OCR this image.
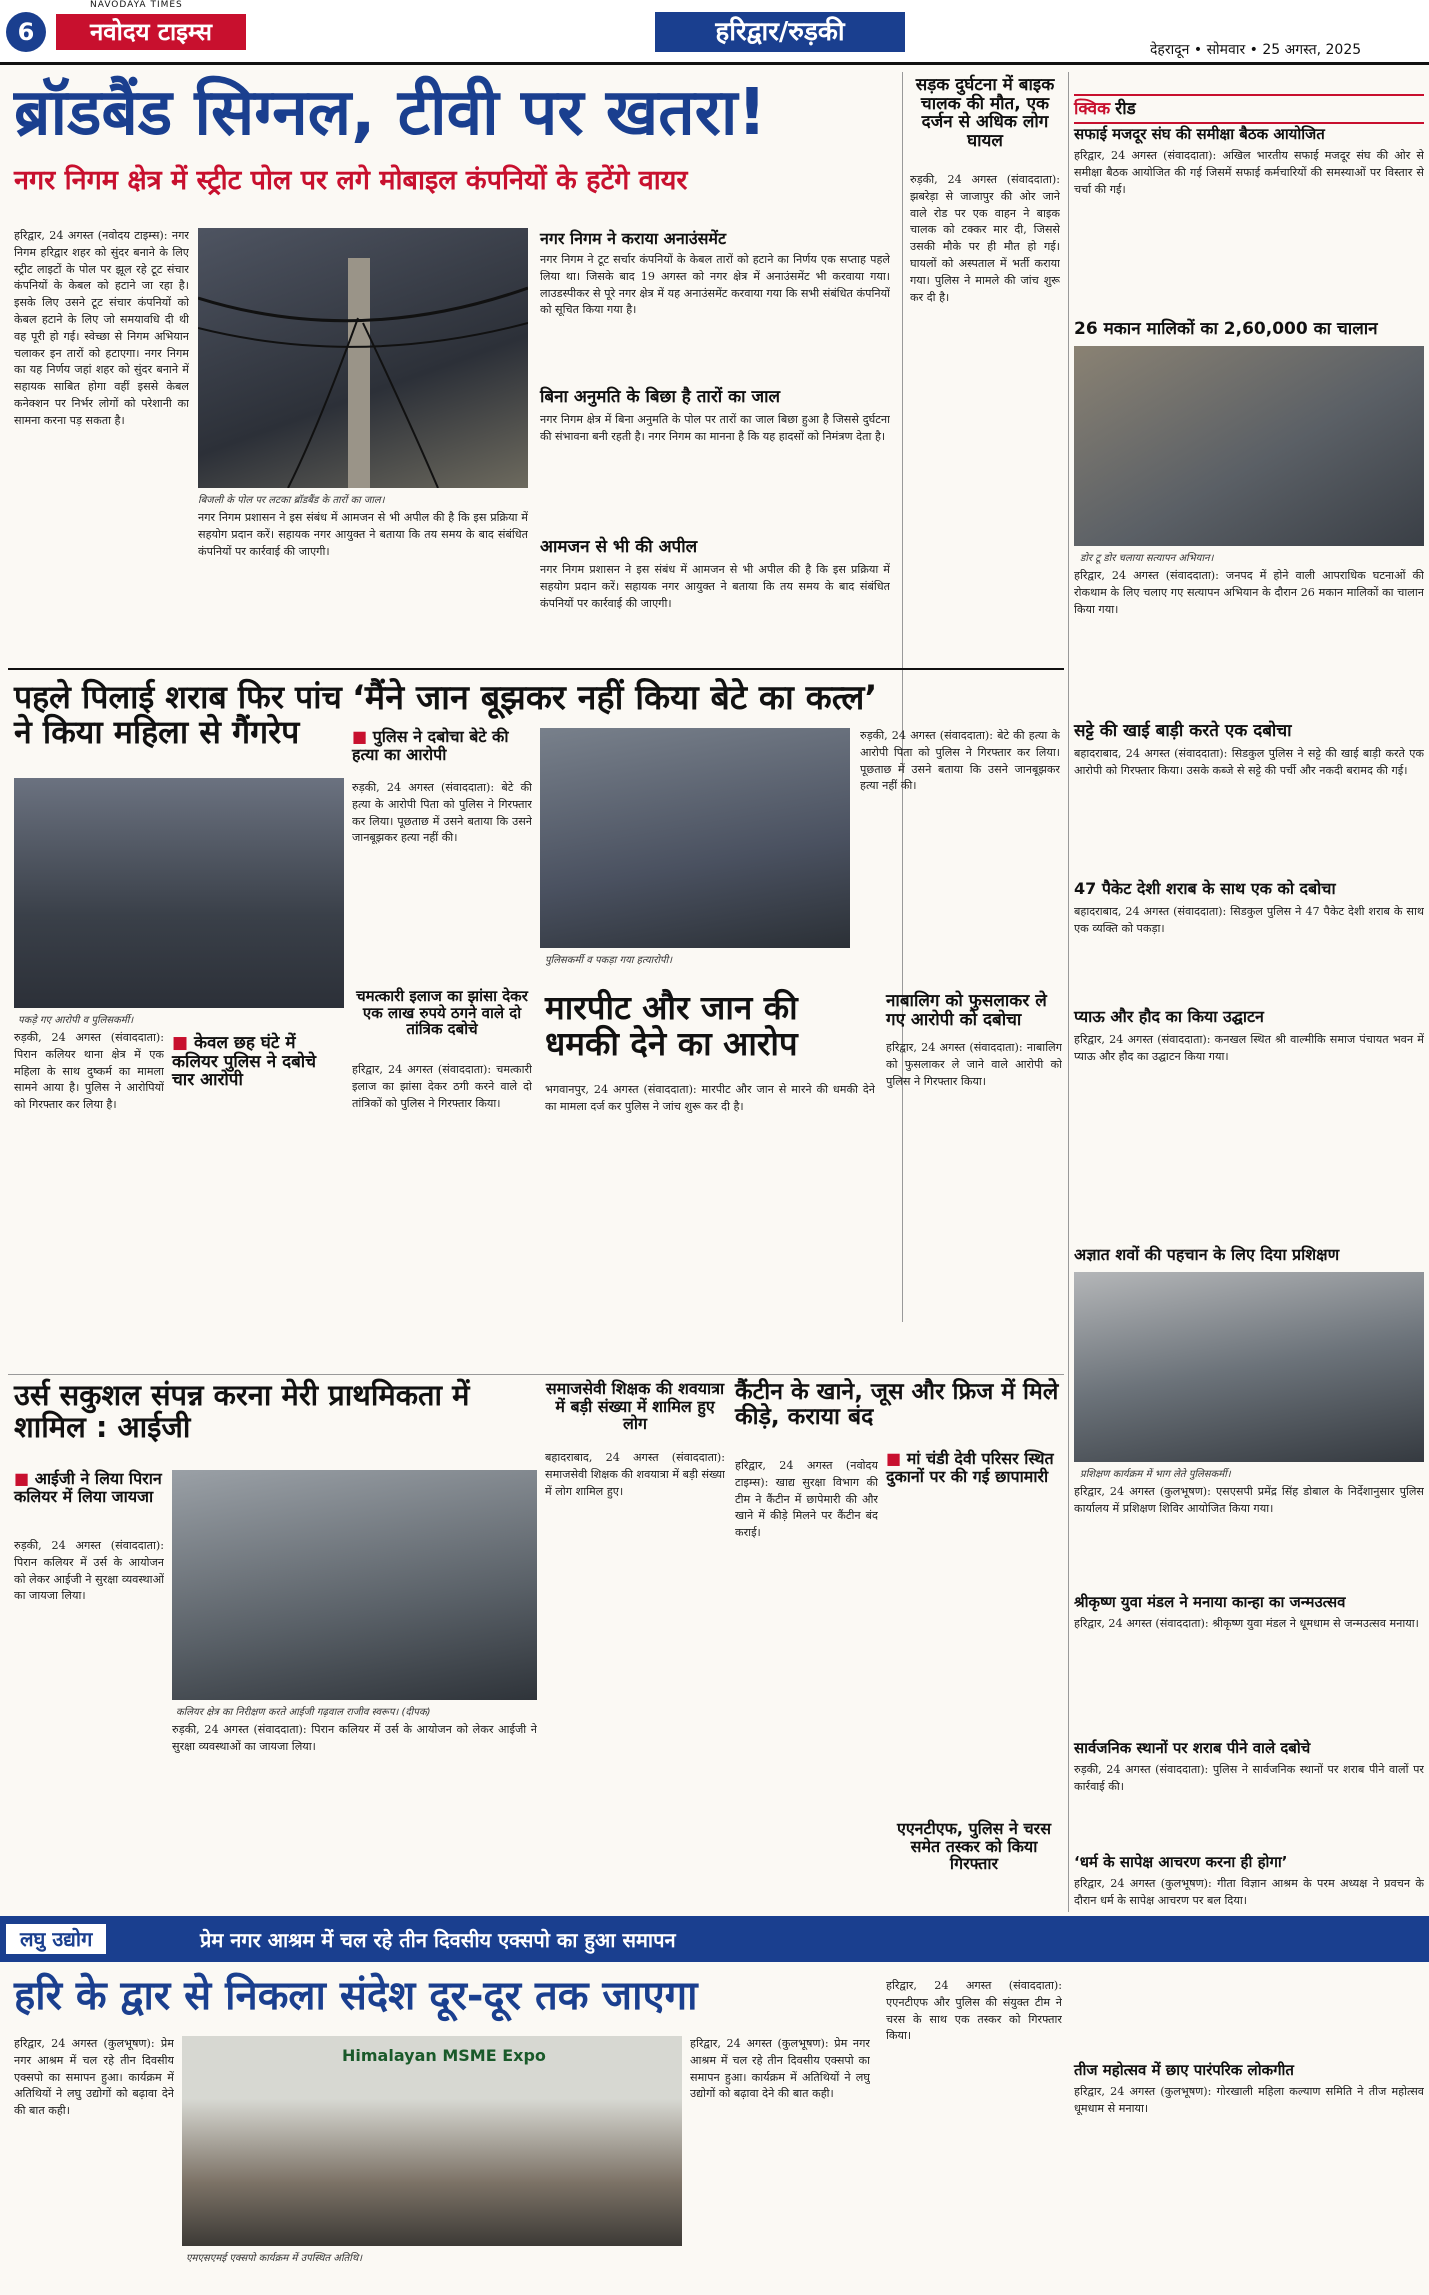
6
NAVODAYA TIMES
नवोदय टाइम्स	हरिद्वार/रुड़की
देहरादून • सोमवार • 25 अगस्त, 2025
ब्रॉडबैंड सिग्नल, टीवी पर खतरा!
नगर निगम क्षेत्र में स्ट्रीट पोल पर लगे मोबाइल कंपनियों के हटेंगे वायर
हरिद्वार, 24 अगस्त (नवोदय टाइम्स): नगर निगम हरिद्वार शहर को सुंदर बनाने के लिए स्ट्रीट लाइटों के पोल पर झूल रहे टूट संचार कंपनियों के केबल को हटाने जा रहा है। इसके लिए उसने टूट संचार कंपनियों को केबल हटाने के लिए जो समयावधि दी थी वह पूरी हो गई। स्वेच्छा से निगम अभियान चलाकर इन तारों को हटाएगा। नगर निगम का यह निर्णय जहां शहर को सुंदर बनाने में सहायक साबित होगा वहीं इससे केबल कनेक्शन पर निर्भर लोगों को परेशानी का सामना करना पड़ सकता है।
बिजली के पोल पर लटका ब्रॉडबैंड के तारों का जाल।
नगर निगम प्रशासन ने इस संबंध में आमजन से भी अपील की है कि इस प्रक्रिया में सहयोग प्रदान करें। सहायक नगर आयुक्त ने बताया कि तय समय के बाद संबंधित कंपनियों पर कार्रवाई की जाएगी।
नगर निगम ने कराया अनाउंसमेंट
नगर निगम ने टूट सर्चार कंपनियों के केबल तारों को हटाने का निर्णय एक सप्ताह पहले लिया था। जिसके बाद 19 अगस्त को नगर क्षेत्र में अनाउंसमेंट भी करवाया गया। लाउडस्पीकर से पूरे नगर क्षेत्र में यह अनाउंसमेंट करवाया गया कि सभी संबंधित कंपनियों को सूचित किया गया है।
बिना अनुमति के बिछा है तारों का जाल
नगर निगम क्षेत्र में बिना अनुमति के पोल पर तारों का जाल बिछा हुआ है जिससे दुर्घटना की संभावना बनी रहती है। नगर निगम का मानना है कि यह हादसों को निमंत्रण देता है।
आमजन से भी की अपील
नगर निगम प्रशासन ने इस संबंध में आमजन से भी अपील की है कि इस प्रक्रिया में सहयोग प्रदान करें। सहायक नगर आयुक्त ने बताया कि तय समय के बाद संबंधित कंपनियों पर कार्रवाई की जाएगी।
सड़क दुर्घटना में बाइक चालक की मौत, एक दर्जन से अधिक लोग घायल
रुड़की, 24 अगस्त (संवाददाता): झबरेड़ा से जाजापुर की ओर जाने वाले रोड पर एक वाहन ने बाइक चालक को टक्कर मार दी, जिससे उसकी मौके पर ही मौत हो गई। घायलों को अस्पताल में भर्ती कराया गया। पुलिस ने मामले की जांच शुरू कर दी है।
क्विक रीड
सफाई मजदूर संघ की समीक्षा बैठक आयोजित
हरिद्वार, 24 अगस्त (संवाददाता): अखिल भारतीय सफाई मजदूर संघ की ओर से समीक्षा बैठक आयोजित की गई जिसमें सफाई कर्मचारियों की समस्याओं पर विस्तार से चर्चा की गई।
26 मकान मालिकों का 2,60,000 का चालान
डोर टू डोर चलाया सत्यापन अभियान।
हरिद्वार, 24 अगस्त (संवाददाता): जनपद में होने वाली आपराधिक घटनाओं की रोकथाम के लिए चलाए गए सत्यापन अभियान के दौरान 26 मकान मालिकों का चालान किया गया।
सट्टे की खाई बाड़ी करते एक दबोचा
बहादराबाद, 24 अगस्त (संवाददाता): सिडकुल पुलिस ने सट्टे की खाई बाड़ी करते एक आरोपी को गिरफ्तार किया। उसके कब्जे से सट्टे की पर्ची और नकदी बरामद की गई।
47 पैकेट देशी शराब के साथ एक को दबोचा
बहादराबाद, 24 अगस्त (संवाददाता): सिडकुल पुलिस ने 47 पैकेट देशी शराब के साथ एक व्यक्ति को पकड़ा।
प्याऊ और हौद का किया उद्घाटन
हरिद्वार, 24 अगस्त (संवाददाता): कनखल स्थित श्री वाल्मीकि समाज पंचायत भवन में प्याऊ और हौद का उद्घाटन किया गया।
अज्ञात शवों की पहचान के लिए दिया प्रशिक्षण
प्रशिक्षण कार्यक्रम में भाग लेते पुलिसकर्मी।
हरिद्वार, 24 अगस्त (कुलभूषण): एसएसपी प्रमेंद्र सिंह डोबाल के निर्देशानुसार पुलिस कार्यालय में प्रशिक्षण शिविर आयोजित किया गया।
श्रीकृष्ण युवा मंडल ने मनाया कान्हा का जन्मउत्सव
हरिद्वार, 24 अगस्त (संवाददाता): श्रीकृष्ण युवा मंडल ने धूमधाम से जन्मउत्सव मनाया।
सार्वजनिक स्थानों पर शराब पीने वाले दबोचे
रुड़की, 24 अगस्त (संवाददाता): पुलिस ने सार्वजनिक स्थानों पर शराब पीने वालों पर कार्रवाई की।
‘धर्म के सापेक्ष आचरण करना ही होगा’
हरिद्वार, 24 अगस्त (कुलभूषण): गीता विज्ञान आश्रम के परम अध्यक्ष ने प्रवचन के दौरान धर्म के सापेक्ष आचरण पर बल दिया।
तीज महोत्सव में छाए पारंपरिक लोकगीत
हरिद्वार, 24 अगस्त (कुलभूषण): गोरखाली महिला कल्याण समिति ने तीज महोत्सव धूमधाम से मनाया।
पहले पिलाई शराब फिर पांच ने किया महिला से गैंगरेप
पकड़े गए आरोपी व पुलिसकर्मी।
रुड़की, 24 अगस्त (संवाददाता): पिरान कलियर थाना क्षेत्र में एक महिला के साथ दुष्कर्म का मामला सामने आया है। पुलिस ने आरोपियों को गिरफ्तार कर लिया है।
■ केवल छह घंटे में कलियर पुलिस ने दबोचे चार आरोपी
‘मैंने जान बूझकर नहीं किया बेटे का कत्ल’
■ पुलिस ने दबोचा बेटे की हत्या का आरोपी
रुड़की, 24 अगस्त (संवाददाता): बेटे की हत्या के आरोपी पिता को पुलिस ने गिरफ्तार कर लिया। पूछताछ में उसने बताया कि उसने जानबूझकर हत्या नहीं की।
पुलिसकर्मी व पकड़ा गया हत्यारोपी।
रुड़की, 24 अगस्त (संवाददाता): बेटे की हत्या के आरोपी पिता को पुलिस ने गिरफ्तार कर लिया। पूछताछ में उसने बताया कि उसने जानबूझकर हत्या नहीं की।
चमत्कारी इलाज का झांसा देकर एक लाख रुपये ठगने वाले दो तांत्रिक दबोचे
हरिद्वार, 24 अगस्त (संवाददाता): चमत्कारी इलाज का झांसा देकर ठगी करने वाले दो तांत्रिकों को पुलिस ने गिरफ्तार किया।
मारपीट और जान की धमकी देने का आरोप
भगवानपुर, 24 अगस्त (संवाददाता): मारपीट और जान से मारने की धमकी देने का मामला दर्ज कर पुलिस ने जांच शुरू कर दी है।
नाबालिग को फुसलाकर ले गए आरोपी को दबोचा
हरिद्वार, 24 अगस्त (संवाददाता): नाबालिग को फुसलाकर ले जाने वाले आरोपी को पुलिस ने गिरफ्तार किया।
उर्स सकुशल संपन्न करना मेरी प्राथमिकता में शामिल : आईजी
■ आईजी ने लिया पिरान कलियर में लिया जायजा
रुड़की, 24 अगस्त (संवाददाता): पिरान कलियर में उर्स के आयोजन को लेकर आईजी ने सुरक्षा व्यवस्थाओं का जायजा लिया।
कलियर क्षेत्र का निरीक्षण करते आईजी गढ़वाल राजीव स्वरूप। (दीपक)
रुड़की, 24 अगस्त (संवाददाता): पिरान कलियर में उर्स के आयोजन को लेकर आईजी ने सुरक्षा व्यवस्थाओं का जायजा लिया।
समाजसेवी शिक्षक की शवयात्रा में बड़ी संख्या में शामिल हुए लोग
बहादराबाद, 24 अगस्त (संवाददाता): समाजसेवी शिक्षक की शवयात्रा में बड़ी संख्या में लोग शामिल हुए।
कैंटीन के खाने, जूस और फ्रिज में मिले कीड़े, कराया बंद
■ मां चंडी देवी परिसर स्थित दुकानों पर की गई छापामारी
हरिद्वार, 24 अगस्त (नवोदय टाइम्स): खाद्य सुरक्षा विभाग की टीम ने कैंटीन में छापेमारी की और खाने में कीड़े मिलने पर कैंटीन बंद कराई।
लघु उद्योग	प्रेम नगर आश्रम में चल रहे तीन दिवसीय एक्सपो का हुआ समापन
हरि के द्वार से निकला संदेश दूर-दूर तक जाएगा
हरिद्वार, 24 अगस्त (कुलभूषण): प्रेम नगर आश्रम में चल रहे तीन दिवसीय एक्सपो का समापन हुआ। कार्यक्रम में अतिथियों ने लघु उद्योगों को बढ़ावा देने की बात कही।
Himalayan MSME Expo
एमएसएमई एक्सपो कार्यक्रम में उपस्थित अतिथि।
हरिद्वार, 24 अगस्त (कुलभूषण): प्रेम नगर आश्रम में चल रहे तीन दिवसीय एक्सपो का समापन हुआ। कार्यक्रम में अतिथियों ने लघु उद्योगों को बढ़ावा देने की बात कही।
एएनटीएफ, पुलिस ने चरस समेत तस्कर को किया गिरफ्तार
हरिद्वार, 24 अगस्त (संवाददाता): एएनटीएफ और पुलिस की संयुक्त टीम ने चरस के साथ एक तस्कर को गिरफ्तार किया।
